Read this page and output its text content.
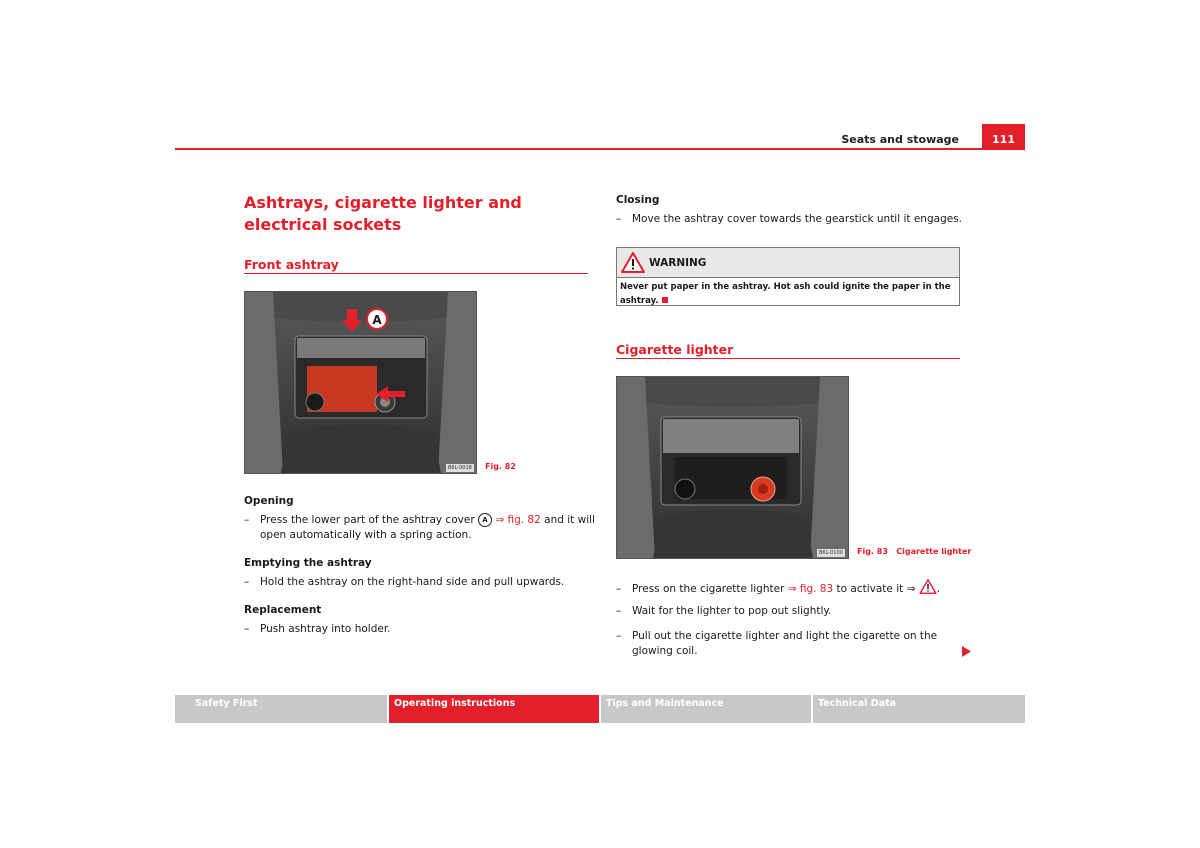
Seats and stowage	111
Ashtrays, cigarette lighter and electrical sockets
Front ashtray
A
B6L-0018 Fig. 82
Opening
– Press the lower part of the ashtray cover A ⇒ fig. 82 and it will open automatically with a spring action.
Emptying the ashtray
– Hold the ashtray on the right-hand side and pull upwards.
Replacement
– Push ashtray into holder.
Closing
– Move the ashtray cover towards the gearstick until it engages.
WARNING
Never put paper in the ashtray. Hot ash could ignite the paper in the ashtray.
Cigarette lighter
B6L-0100 Fig. 83 Cigarette lighter
– Press on the cigarette lighter ⇒ fig. 83 to activate it ⇒ .
– Wait for the lighter to pop out slightly.
– Pull out the cigarette lighter and light the cigarette on the glowing coil.
Safety First	Operating instructions	Tips and Maintenance	Technical Data
